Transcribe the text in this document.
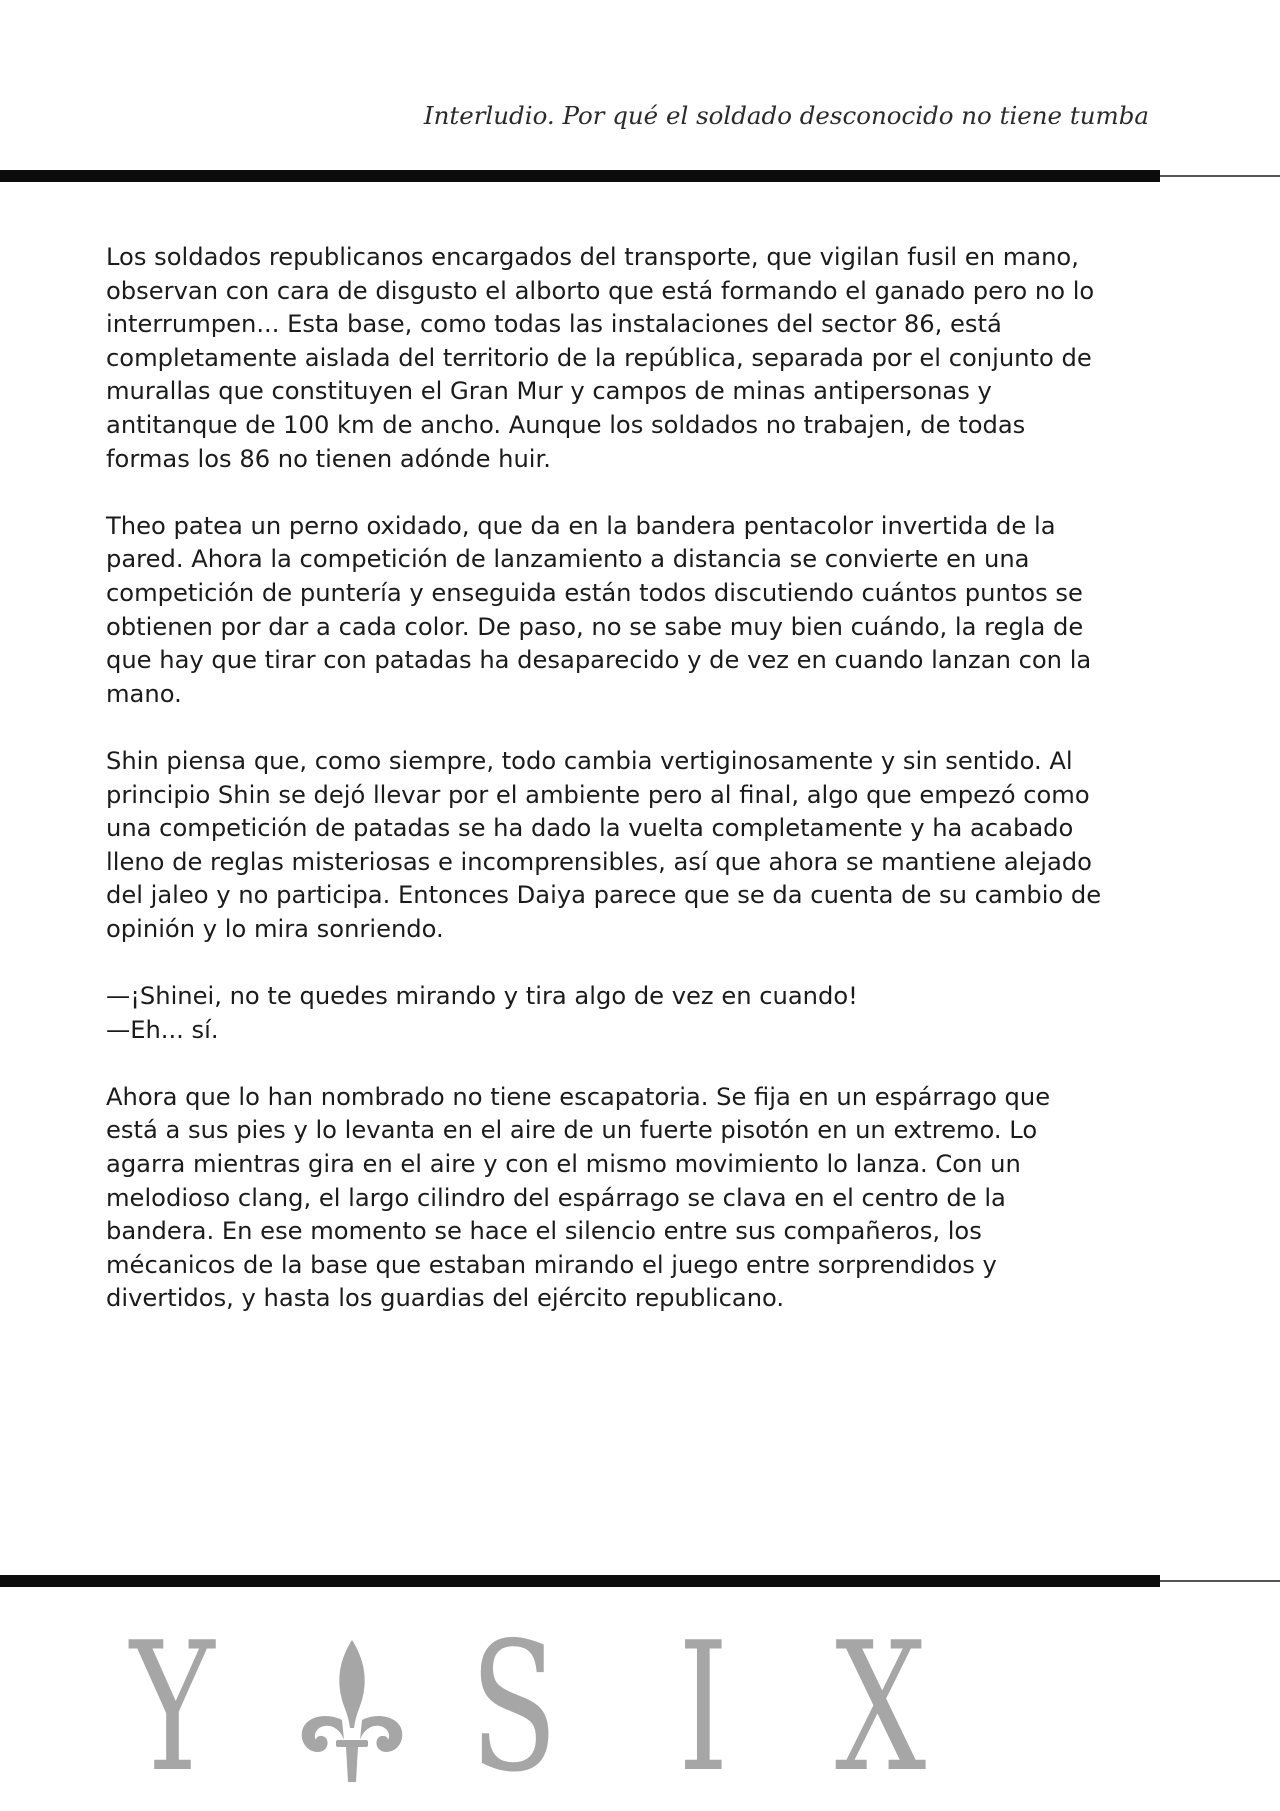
Interludio. Por qué el soldado desconocido no tiene tumba

Los soldados republicanos encargados del transporte, que vigilan fusil en mano,
observan con cara de disgusto el alborto que está formando el ganado pero no lo
interrumpen... Esta base, como todas las instalaciones del sector 86, está
completamente aislada del territorio de la república, separada por el conjunto de
murallas que constituyen el Gran Mur y campos de minas antipersonas y
antitanque de 100 km de ancho. Aunque los soldados no trabajen, de todas
formas los 86 no tienen adónde huir.

Theo patea un perno oxidado, que da en la bandera pentacolor invertida de la
pared. Ahora la competición de lanzamiento a distancia se convierte en una
competición de puntería y enseguida están todos discutiendo cuántos puntos se
obtienen por dar a cada color. De paso, no se sabe muy bien cuándo, la regla de
que hay que tirar con patadas ha desaparecido y de vez en cuando lanzan con la
mano.

Shin piensa que, como siempre, todo cambia vertiginosamente y sin sentido. Al
principio Shin se dejó llevar por el ambiente pero al final, algo que empezó como
una competición de patadas se ha dado la vuelta completamente y ha acabado
lleno de reglas misteriosas e incomprensibles, así que ahora se mantiene alejado
del jaleo y no participa. Entonces Daiya parece que se da cuenta de su cambio de
opinión y lo mira sonriendo.

—¡Shinei, no te quedes mirando y tira algo de vez en cuando!

—Eh... sí.

Ahora que lo han nombrado no tiene escapatoria. Se fija en un espárrago que
está a sus pies y lo levanta en el aire de un fuerte pisotón en un extremo. Lo
agarra mientras gira en el aire y con el mismo movimiento lo lanza. Con un
melodioso clang, el largo cilindro del espárrago se clava en el centro de la
bandera. En ese momento se hace el silencio entre sus compañeros, los
mécanicos de la base que estaban mirando el juego entre sorprendidos y
divertidos, y hasta los guardias del ejército republicano.

Y S I X
